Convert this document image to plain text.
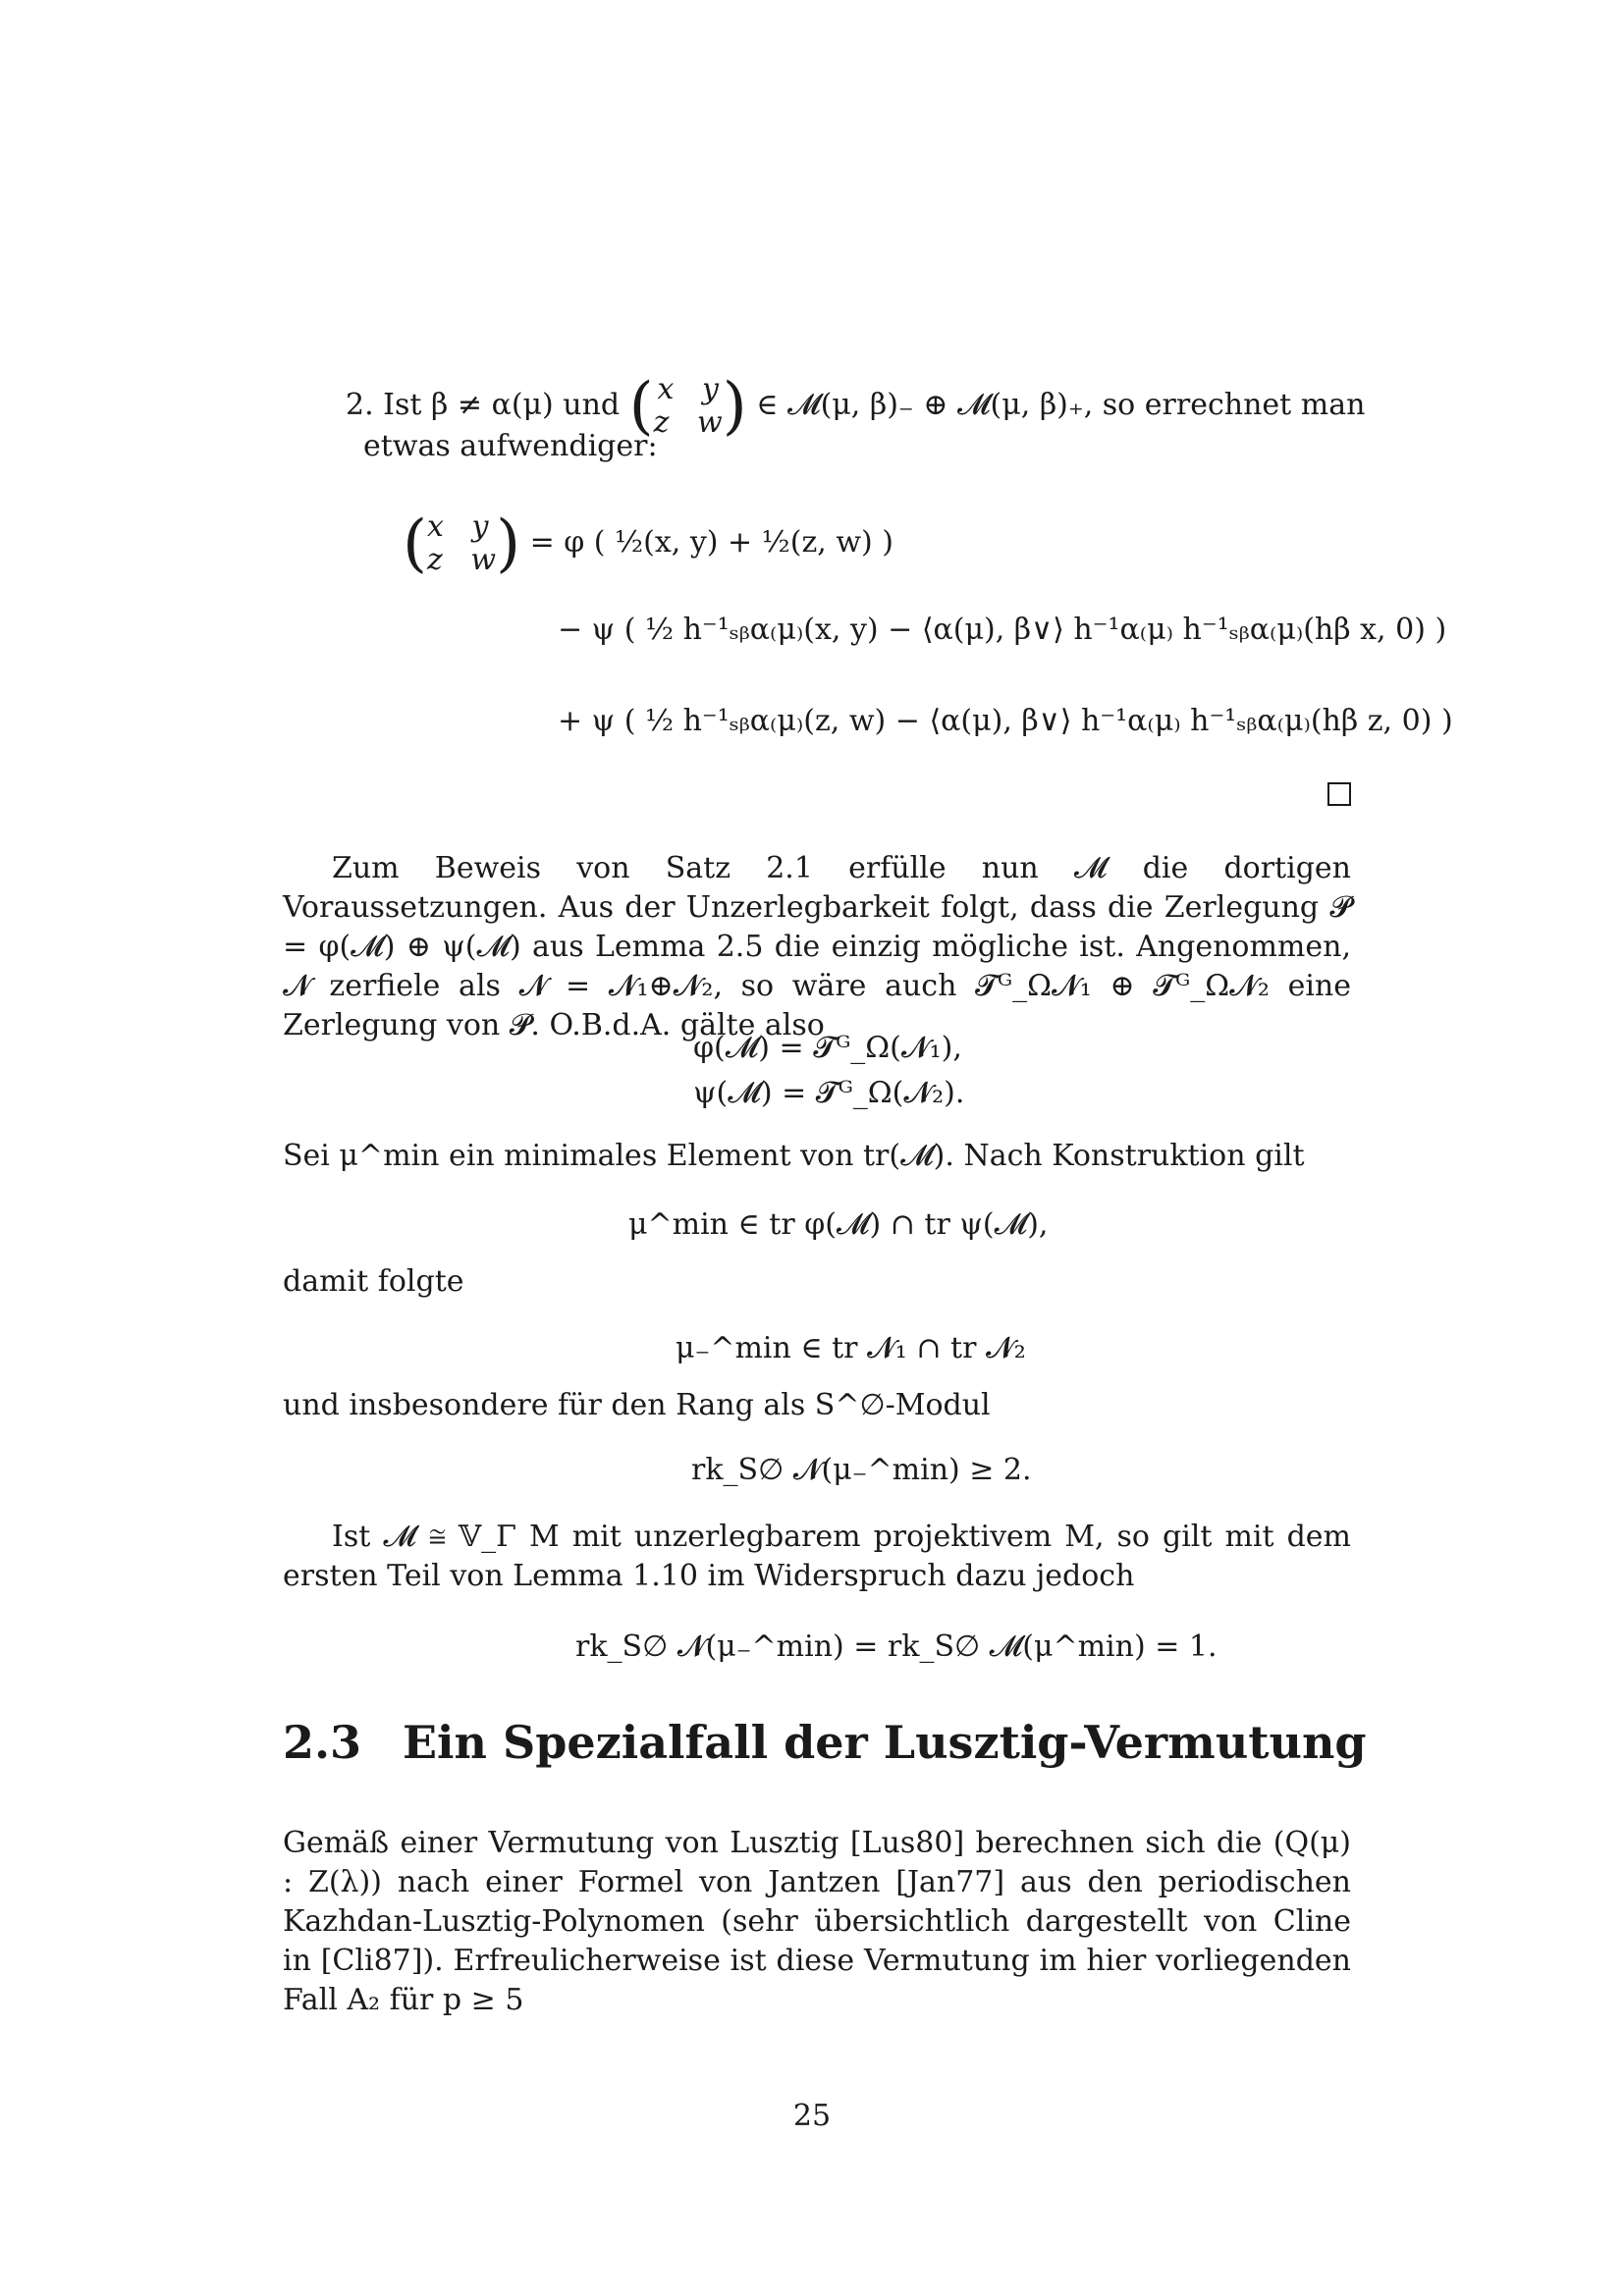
2. Ist β ≠ α(μ) und ( x y
z w) ∈ 𝓜(μ, β)₋ ⊕ 𝓜(μ, β)₊, so errechnet man
etwas aufwendiger:
(x y
z w) = φ ( ½(x, y) + ½(z, w) )
− ψ ( ½ h⁻¹ₛᵦα₍μ₎(x, y) − ⟨α(μ), β∨⟩ h⁻¹α₍μ₎ h⁻¹ₛᵦα₍μ₎(hβ x, 0) )
+ ψ ( ½ h⁻¹ₛᵦα₍μ₎(z, w) − ⟨α(μ), β∨⟩ h⁻¹α₍μ₎ h⁻¹ₛᵦα₍μ₎(hβ z, 0) )
Zum Beweis von Satz 2.1 erfülle nun 𝓜 die dortigen Voraussetzungen. Aus der Unzerlegbarkeit folgt, dass die Zerlegung 𝓟 = φ(𝓜) ⊕ ψ(𝓜) aus Lemma 2.5 die einzig mögliche ist. Angenommen, 𝓝 zerfiele als 𝓝 = 𝓝₁⊕𝓝₂, so wäre auch 𝓣ᴳ_Ω𝓝₁ ⊕ 𝓣ᴳ_Ω𝓝₂ eine Zerlegung von 𝓟. O.B.d.A. gälte also
φ(𝓜) = 𝓣ᴳ_Ω(𝓝₁),
ψ(𝓜) = 𝓣ᴳ_Ω(𝓝₂).
Sei μ^min ein minimales Element von tr(𝓜). Nach Konstruktion gilt
μ^min ∈ tr φ(𝓜) ∩ tr ψ(𝓜),
damit folgte
μ₋^min ∈ tr 𝓝₁ ∩ tr 𝓝₂
und insbesondere für den Rang als S^∅-Modul
rk_S∅ 𝓝(μ₋^min) ≥ 2.
Ist 𝓜 ≅ 𝕍_Γ M mit unzerlegbarem projektivem M, so gilt mit dem ersten Teil von Lemma 1.10 im Widerspruch dazu jedoch
rk_S∅ 𝓝(μ₋^min) = rk_S∅ 𝓜(μ^min) = 1.
2.3 Ein Spezialfall der Lusztig-Vermutung
Gemäß einer Vermutung von Lusztig [Lus80] berechnen sich die (Q(μ) : Z(λ)) nach einer Formel von Jantzen [Jan77] aus den periodischen Kazhdan-Lusztig-Polynomen (sehr übersichtlich dargestellt von Cline in [Cli87]). Erfreulicherweise ist diese Vermutung im hier vorliegenden Fall A₂ für p ≥ 5
25
